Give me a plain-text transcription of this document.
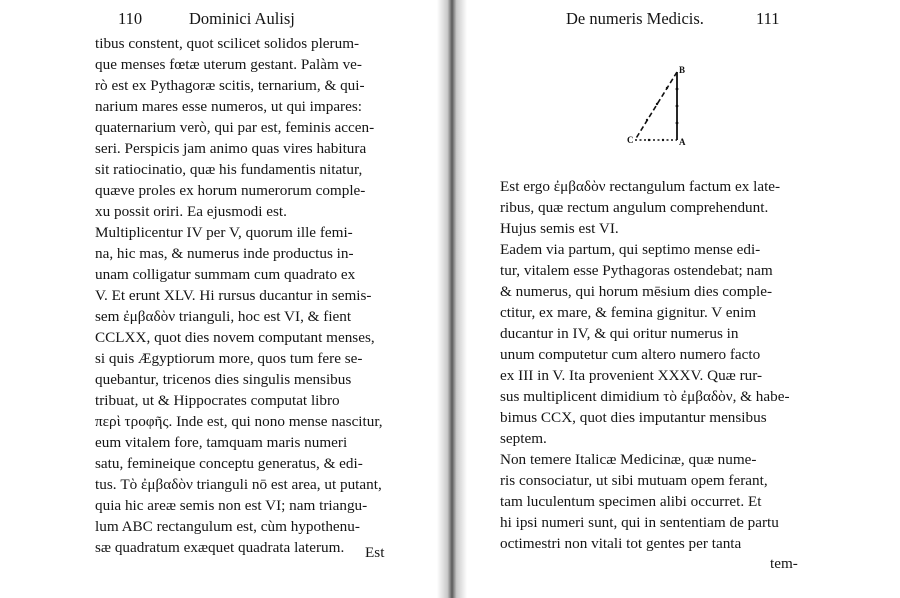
110	Dominici Aulisj
tibus constent, quot scilicet solidos plerum-
que menses fœtæ uterum gestant. Palàm ve-
rò est ex Pythagoræ scitis, ternarium, & qui-
narium mares esse numeros, ut qui impares:
quaternarium verò, qui par est, feminis accen-
seri. Perspicis jam animo quas vires habitura
sit ratiocinatio, quæ his fundamentis nitatur,
quæve proles ex horum numerorum comple-
xu possit oriri. Ea ejusmodi est.
Multiplicentur IV per V, quorum ille femi-
na, hic mas, & numerus inde productus in-
unam colligatur summam cum quadrato ex
V. Et erunt XLV. Hi rursus ducantur in semis-
sem ἐμβαδὸν trianguli, hoc est VI, & fient
CCLXX, quot dies novem computant menses,
si quis Ægyptiorum more, quos tum fere se-
quebantur, tricenos dies singulis mensibus
tribuat, ut & Hippocrates computat libro
περὶ τροφῆς. Inde est, qui nono mense nascitur,
eum vitalem fore, tamquam maris numeri
satu, femineique conceptu generatus, & edi-
tus. Τὸ ἐμβαδὸν trianguli nō est area, ut putant,
quia hic areæ semis non est VI; nam triangu-
lum ABC rectangulum est, cùm hypothenu-
sæ quadratum exæquet quadrata laterum. Est
De numeris Medicis.	111
B
C	A
Est ergo ἐμβαδὸν rectangulum factum ex late-
ribus, quæ rectum angulum comprehendunt.
Hujus semis est VI.
Eadem via partum, qui septimo mense edi-
tur, vitalem esse Pythagoras ostendebat; nam
& numerus, qui horum mēsium dies comple-
ctitur, ex mare, & femina gignitur. V enim
ducantur in IV, & qui oritur numerus in
unum computetur cum altero numero facto
ex III in V. Ita provenient XXXV. Quæ rur-
sus multiplicent dimidium τὸ ἐμβαδὸν, & habe-
bimus CCX, quot dies imputantur mensibus
septem.
Non temere Italicæ Medicinæ, quæ nume-
ris consociatur, ut sibi mutuam opem ferant,
tam luculentum specimen alibi occurret. Et
hi ipsi numeri sunt, qui in sententiam de partu
octimestri non vitali tot gentes per tanta
tem-
